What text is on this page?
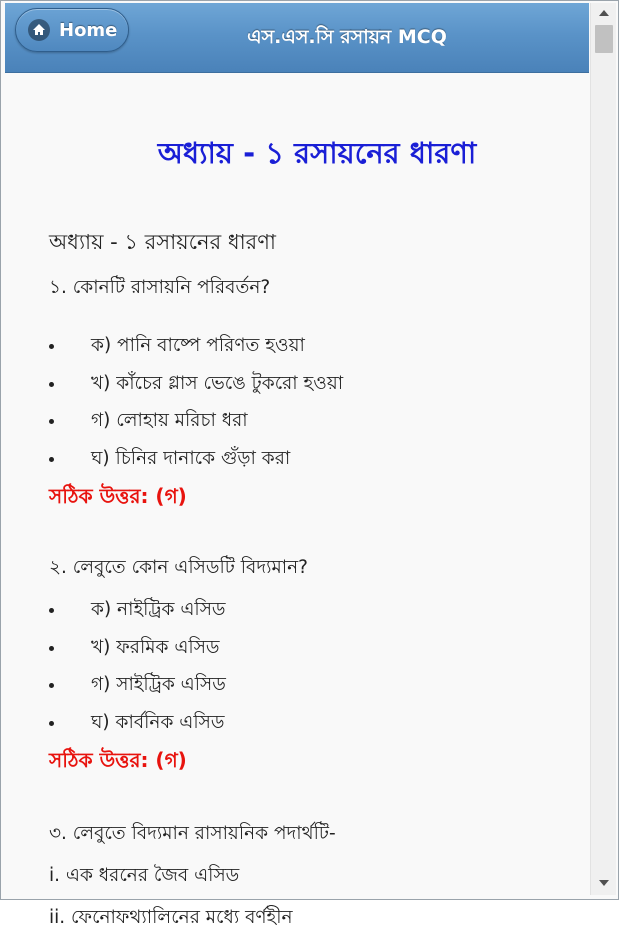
Home	এস.এস.সি রসায়ন MCQ
অধ্যায় - ১ রসায়নের ধারণা
অধ্যায় - ১ রসায়নের ধারণা
১. কোনটি রাসায়নি পরিবর্তন?
ক) পানি বাষ্পে পরিণত হওয়া
খ) কাঁচের গ্লাস ভেঙে টুকরো হওয়া
গ) লোহায় মরিচা ধরা
ঘ) চিনির দানাকে গুঁড়া করা
সঠিক উত্তর: (গ)
২. লেবুতে কোন এসিডটি বিদ্যমান?
ক) নাইট্রিক এসিড
খ) ফরমিক এসিড
গ) সাইট্রিক এসিড
ঘ) কার্বনিক এসিড
সঠিক উত্তর: (গ)
৩. লেবুতে বিদ্যমান রাসায়নিক পদার্থটি-
i. এক ধরনের জৈব এসিড
ii. ফেনোফথ্যালিনের মধ্যে বর্ণহীন
